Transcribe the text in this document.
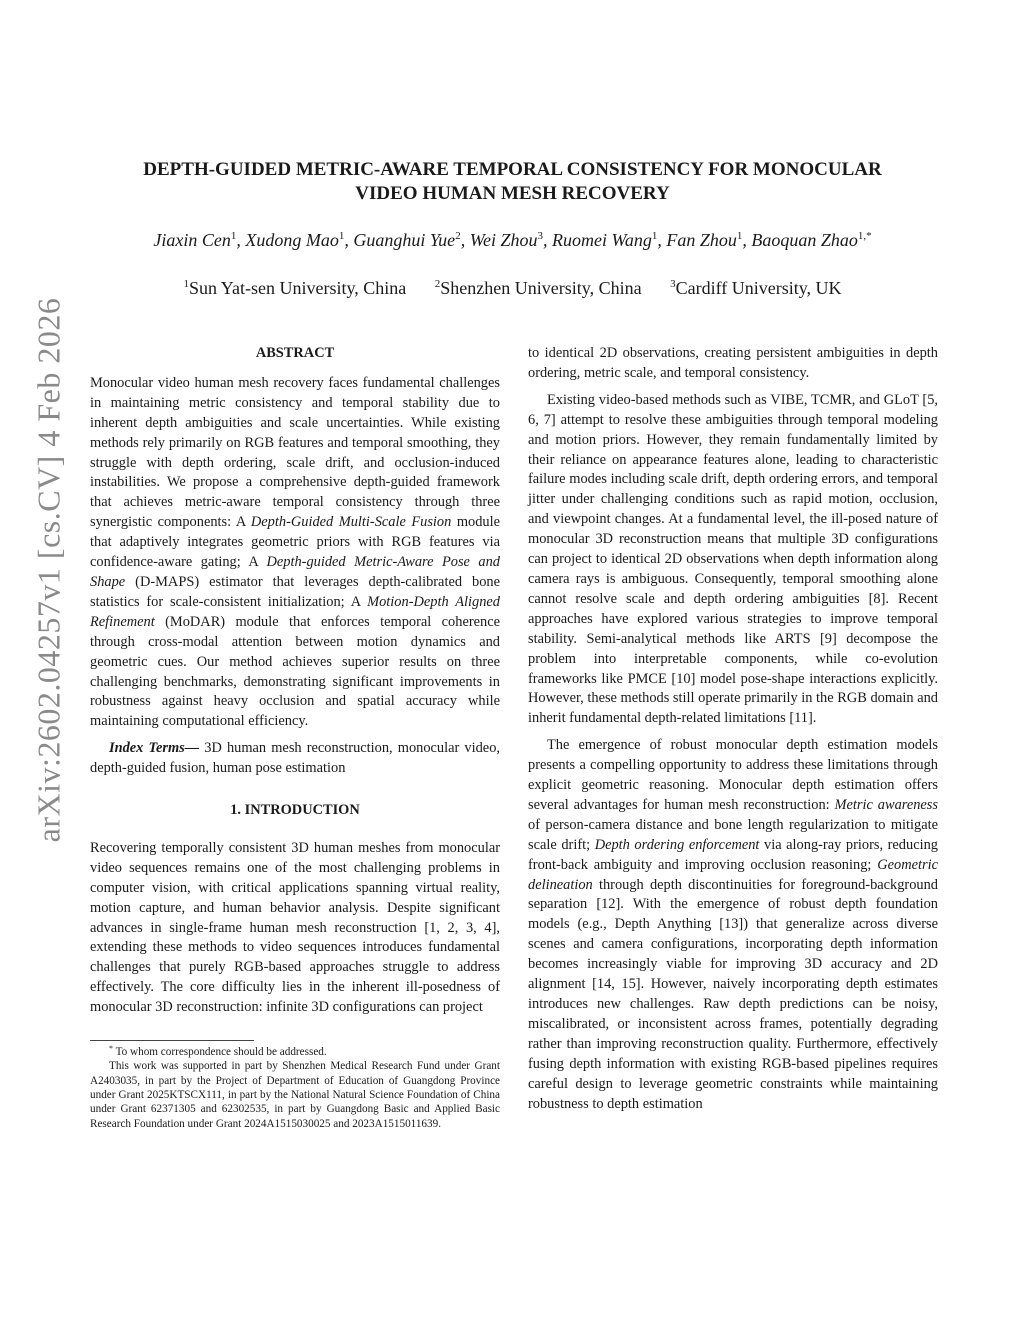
arXiv:2602.04257v1 [cs.CV] 4 Feb 2026
DEPTH-GUIDED METRIC-AWARE TEMPORAL CONSISTENCY FOR MONOCULAR
VIDEO HUMAN MESH RECOVERY
Jiaxin Cen$^1$, Xudong Mao$^1$, Guanghui Yue$^2$, Wei Zhou$^3$, Ruomei Wang$^1$, Fan Zhou$^1$, Baoquan Zhao$^{1,*}$
$^1$Sun Yat-sen University, China	$^2$Shenzhen University, China	$^3$Cardiff University, UK
ABSTRACT

Monocular video human mesh recovery faces fundamental challenges in maintaining metric consistency and temporal stability due to inherent depth ambiguities and scale uncertainties. While existing methods rely primarily on RGB features and temporal smoothing, they struggle with depth ordering, scale drift, and occlusion-induced instabilities. We propose a comprehensive depth-guided framework that achieves metric-aware temporal consistency through three synergistic components: A Depth-Guided Multi-Scale Fusion module that adaptively integrates geometric priors with RGB features via confidence-aware gating; A Depth-guided Metric-Aware Pose and Shape (D-MAPS) estimator that leverages depth-calibrated bone statistics for scale-consistent initialization; A Motion-Depth Aligned Refinement (MoDAR) module that enforces temporal coherence through cross-modal attention between motion dynamics and geometric cues. Our method achieves superior results on three challenging benchmarks, demonstrating significant improvements in robustness against heavy occlusion and spatial accuracy while maintaining computational efficiency.

Index Terms— 3D human mesh reconstruction, monocular video, depth-guided fusion, human pose estimation

1. INTRODUCTION

Recovering temporally consistent 3D human meshes from monocular video sequences remains one of the most challenging problems in computer vision, with critical applications spanning virtual reality, motion capture, and human behavior analysis. Despite significant advances in single-frame human mesh reconstruction [1, 2, 3, 4], extending these methods to video sequences introduces fundamental challenges that purely RGB-based approaches struggle to address effectively. The core difficulty lies in the inherent ill-posedness of monocular 3D reconstruction: infinite 3D configurations can project

* To whom correspondence should be addressed.

This work was supported in part by Shenzhen Medical Research Fund under Grant A2403035, in part by the Project of Department of Education of Guangdong Province under Grant 2025KTSCX111, in part by the National Natural Science Foundation of China under Grant 62371305 and 62302535, in part by Guangdong Basic and Applied Basic Research Foundation under Grant 2024A1515030025 and 2023A1515011639.

to identical 2D observations, creating persistent ambiguities in depth ordering, metric scale, and temporal consistency.

Existing video-based methods such as VIBE, TCMR, and GLoT [5, 6, 7] attempt to resolve these ambiguities through temporal modeling and motion priors. However, they remain fundamentally limited by their reliance on appearance features alone, leading to characteristic failure modes including scale drift, depth ordering errors, and temporal jitter under challenging conditions such as rapid motion, occlusion, and viewpoint changes. At a fundamental level, the ill-posed nature of monocular 3D reconstruction means that multiple 3D configurations can project to identical 2D observations when depth information along camera rays is ambiguous. Consequently, temporal smoothing alone cannot resolve scale and depth ordering ambiguities [8]. Recent approaches have explored various strategies to improve temporal stability. Semi-analytical methods like ARTS [9] decompose the problem into interpretable components, while co-evolution frameworks like PMCE [10] model pose-shape interactions explicitly. However, these methods still operate primarily in the RGB domain and inherit fundamental depth-related limitations [11].

The emergence of robust monocular depth estimation models presents a compelling opportunity to address these limitations through explicit geometric reasoning. Monocular depth estimation offers several advantages for human mesh reconstruction: Metric awareness of person-camera distance and bone length regularization to mitigate scale drift; Depth ordering enforcement via along-ray priors, reducing front-back ambiguity and improving occlusion reasoning; Geometric delineation through depth discontinuities for foreground-background separation [12]. With the emergence of robust depth foundation models (e.g., Depth Anything [13]) that generalize across diverse scenes and camera configurations, incorporating depth information becomes increasingly viable for improving 3D accuracy and 2D alignment [14, 15]. However, naively incorporating depth estimates introduces new challenges. Raw depth predictions can be noisy, miscalibrated, or inconsistent across frames, potentially degrading rather than improving reconstruction quality. Furthermore, effectively fusing depth information with existing RGB-based pipelines requires careful design to leverage geometric constraints while maintaining robustness to depth estimation
